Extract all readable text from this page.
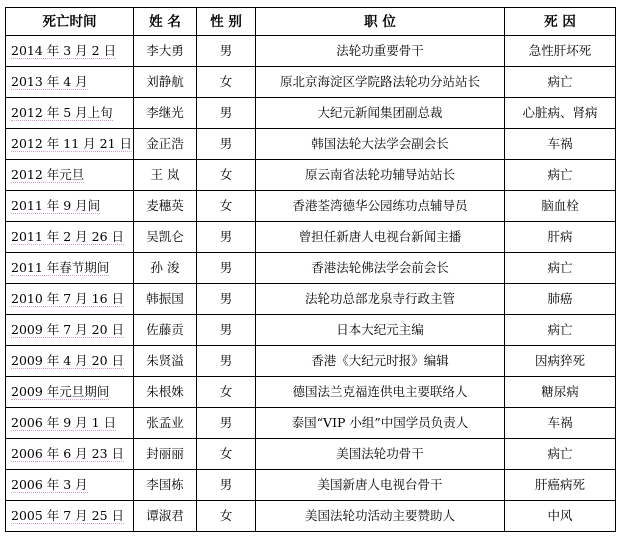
死亡时间	姓 名	性 别	职 位	死 因
2014 年 3 月 2 日	李大勇	男	法轮功重要骨干	急性肝坏死
2013 年 4 月	刘静航	女	原北京海淀区学院路法轮功分站站长	病亡
2012 年 5 月上旬	李继光	男	大纪元新闻集团副总裁	心脏病、肾病
2012 年 11 月 21 日	金正浩	男	韩国法轮大法学会副会长	车祸
2012 年元旦	王 岚	女	原云南省法轮功辅导站站长	病亡
2011 年 9 月间	麦穗英	女	香港荃湾德华公园练功点辅导员	脑血栓
2011 年 2 月 26 日	吴凯仑	男	曾担任新唐人电视台新闻主播	肝病
2011 年春节期间	孙 浚	男	香港法轮佛法学会前会长	病亡
2010 年 7 月 16 日	韩振国	男	法轮功总部龙泉寺行政主管	肺癌
2009 年 7 月 20 日	佐藤贡	男	日本大纪元主编	病亡
2009 年 4 月 20 日	朱贤溢	男	香港《大纪元时报》编辑	因病猝死
2009 年元旦期间	朱根姝	女	德国法兰克福连供电主要联络人	糖尿病
2006 年 9 月 1 日	张孟业	男	泰国“VIP 小组”中国学员负责人	车祸
2006 年 6 月 23 日	封丽丽	女	美国法轮功骨干	病亡
2006 年 3 月	李国栋	男	美国新唐人电视台骨干	肝癌病死
2005 年 7 月 25 日	谭淑君	女	美国法轮功活动主要赞助人	中风
